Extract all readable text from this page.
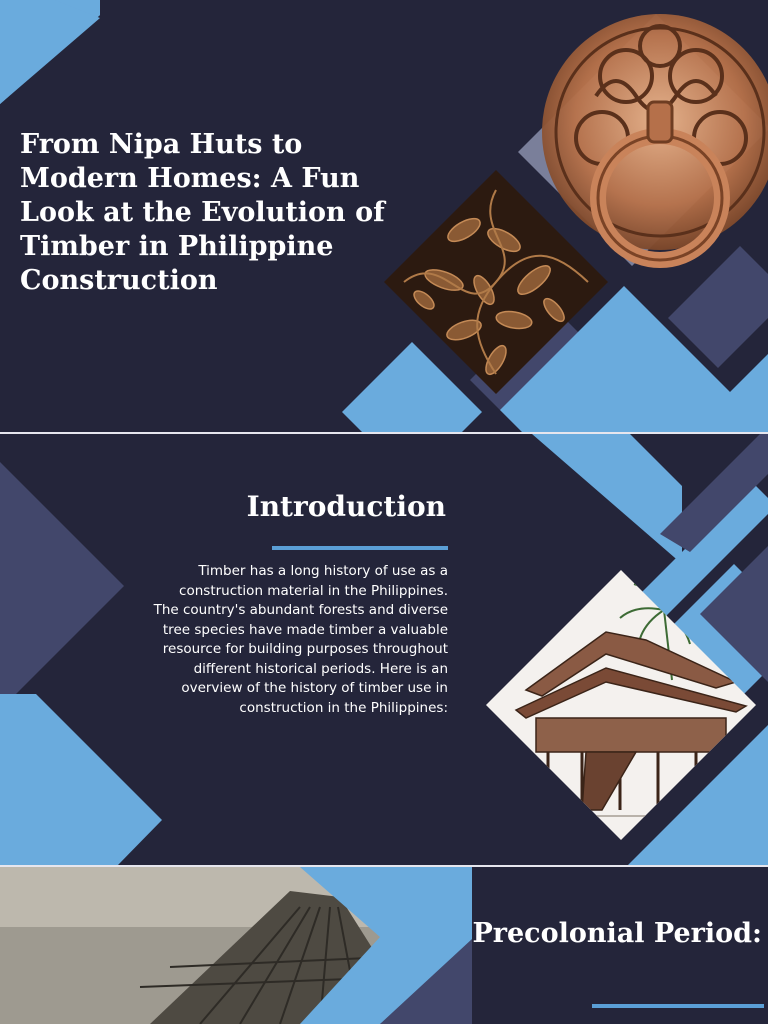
From Nipa Huts to Modern Homes: A Fun Look at the Evolution of Timber in Philippine Construction
Introduction

Timber has a long history of use as a construction material in the Philippines. The country's abundant forests and diverse tree species have made timber a valuable resource for building purposes throughout different historical periods. Here is an overview of the history of timber use in construction in the Philippines:

Precolonial Period:
